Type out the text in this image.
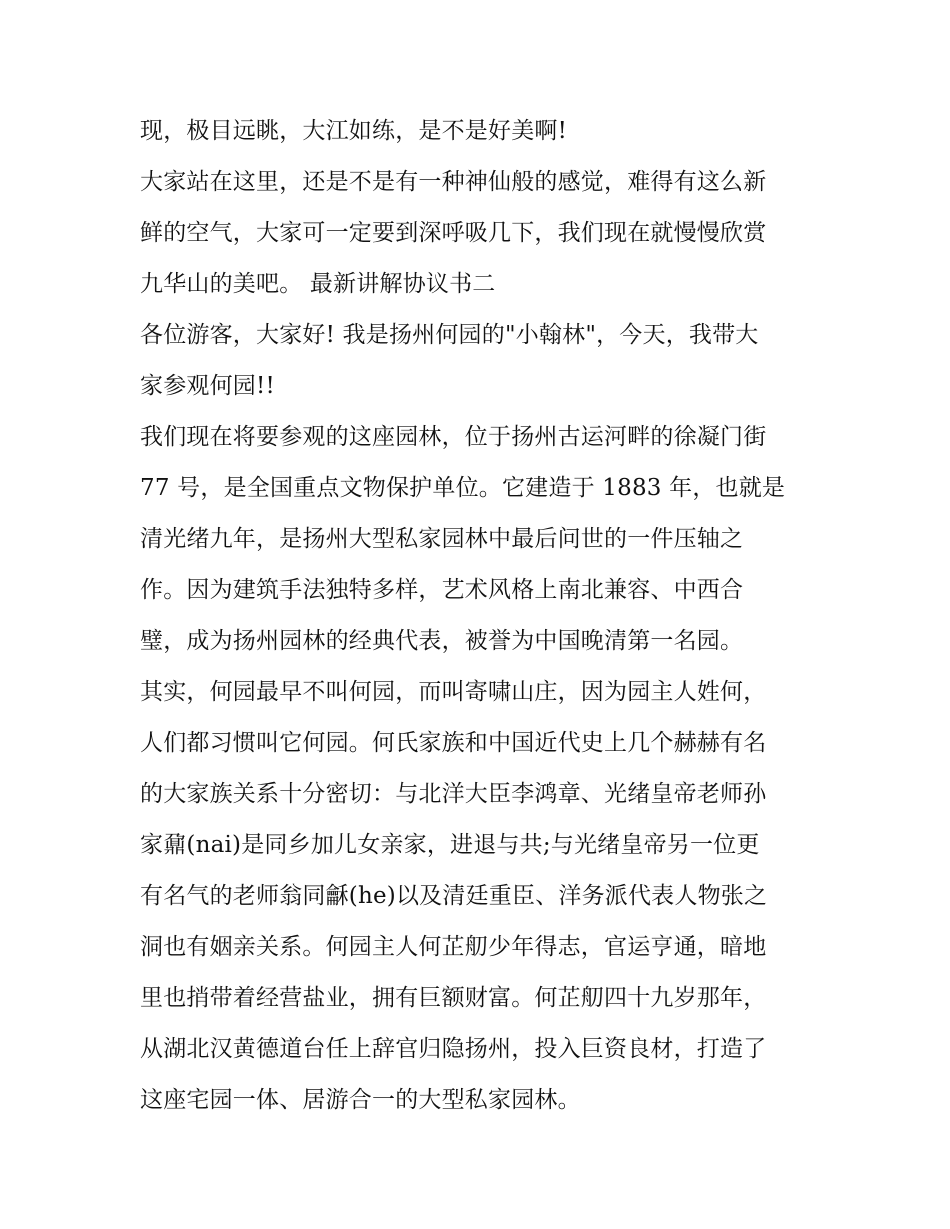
现，极目远眺，大江如练，是不是好美啊!
大家站在这里，还是不是有一种神仙般的感觉，难得有这么新
鲜的空气，大家可一定要到深呼吸几下，我们现在就慢慢欣赏
九华山的美吧。 最新讲解协议书二
各位游客，大家好! 我是扬州何园的"小翰林"，今天，我带大
家参观何园!!
我们现在将要参观的这座园林，位于扬州古运河畔的徐凝门街
77 号，是全国重点文物保护单位。它建造于 1883 年，也就是
清光绪九年，是扬州大型私家园林中最后问世的一件压轴之
作。因为建筑手法独特多样，艺术风格上南北兼容、中西合
璧，成为扬州园林的经典代表，被誉为中国晚清第一名园。
其实，何园最早不叫何园，而叫寄啸山庄，因为园主人姓何，
人们都习惯叫它何园。何氏家族和中国近代史上几个赫赫有名
的大家族关系十分密切：与北洋大臣李鸿章、光绪皇帝老师孙
家鼐(nai)是同乡加儿女亲家，进退与共;与光绪皇帝另一位更
有名气的老师翁同龢(he)以及清廷重臣、洋务派代表人物张之
洞也有姻亲关系。何园主人何芷舠少年得志，官运亨通，暗地
里也捎带着经营盐业，拥有巨额财富。何芷舠四十九岁那年，
从湖北汉黄德道台任上辞官归隐扬州，投入巨资良材，打造了
这座宅园一体、居游合一的大型私家园林。
